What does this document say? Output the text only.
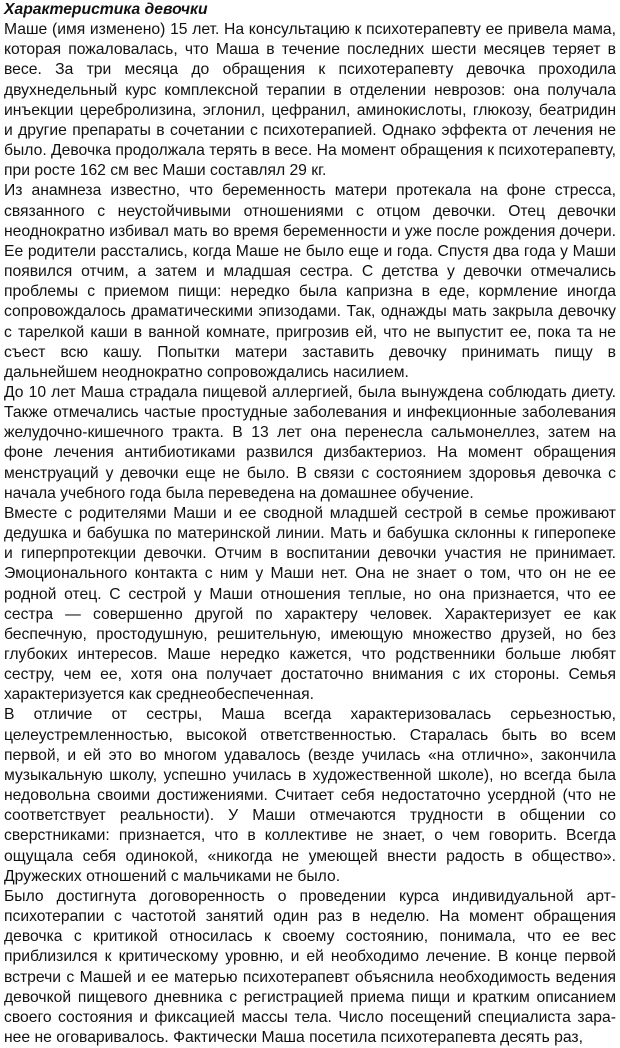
Характеристика девочки

Маше (имя изменено) 15 лет. На консультацию к психотерапевту ее привела мама, которая пожаловалась, что Маша в течение последних шести месяцев теряет в весе. За три месяца до обращения к психотерапевту девочка проходила двухнедельный курс комплексной терапии в отделении неврозов: она получала инъекции церебролизина, эглонил, цефранил, аминокислоты, глюкозу, беатридин и другие препараты в сочетании с психотерапией. Однако эффекта от лечения не было. Девочка продолжала терять в весе. На момент обращения к психотерапевту, при росте 162 см вес Маши составлял 29 кг.

Из анамнеза известно, что беременность матери протекала на фоне стресса, связанного с неустойчивыми отношениями с отцом девочки. Отец девочки неоднократно избивал мать во время беременности и уже после рождения дочери. Ее родители расстались, когда Маше не было еще и года. Спустя два года у Маши появился отчим, а затем и младшая сестра. С детства у девочки отмечались проблемы с приемом пищи: нередко была капризна в еде, кормление иногда сопровождалось драматическими эпизодами. Так, однажды мать закрыла девочку с тарелкой каши в ванной комнате, пригрозив ей, что не выпустит ее, пока та не съест всю кашу. Попытки матери заставить девочку принимать пищу в дальнейшем неоднократно сопровождались насилием.

До 10 лет Маша страдала пищевой аллергией, была вынуждена соблюдать диету. Также отмечались частые простудные заболевания и инфекционные заболевания желудочно-кишечного тракта. В 13 лет она перенесла сальмонеллез, затем на фоне лечения антибиотиками развился дизбактериоз. На момент обращения менструаций у девочки еще не было. В связи с состоянием здоровья девочка с начала учебного года была переведена на домашнее обучение.

Вместе с родителями Маши и ее сводной младшей сестрой в семье проживают дедушка и бабушка по материнской линии. Мать и бабушка склонны к гиперопеке и гиперпротекции девочки. Отчим в воспитании девочки участия не принимает. Эмоционального контакта с ним у Маши нет. Она не знает о том, что он не ее родной отец. С сестрой у Маши отношения теплые, но она признается, что ее сестра — совершенно другой по характеру человек. Характеризует ее как беспечную, простодушную, решительную, имеющую множество друзей, но без глубоких интересов. Маше нередко кажется, что родственники больше любят сестру, чем ее, хотя она получает достаточно внимания с их стороны. Семья характеризуется как среднеобеспеченная.

В отличие от сестры, Маша всегда характеризовалась серьезностью, целеустремленностью, высокой ответственностью. Старалась быть во всем первой, и ей это во многом удавалось (везде училась «на отлично», закончила музыкальную школу, успешно училась в художественной школе), но всегда была недовольна своими достижениями. Считает себя недостаточно усердной (что не соответствует реальности). У Маши отмечаются трудности в общении со сверстниками: признается, что в коллективе не знает, о чем говорить. Всегда ощущала себя одинокой, «никогда не умеющей внести радость в общество». Дружеских отношений с мальчиками не было.

Было достигнута договоренность о проведении курса индивидуальной арт-психотерапии с частотой занятий один раз в неделю. На момент обращения девочка с критикой относилась к своему состоянию, понимала, что ее вес приблизился к критическому уровню, и ей необходимо лечение. В конце первой встречи с Машей и ее матерью психотерапевт объяснила необходимость ведения девочкой пищевого дневника с регистрацией приема пищи и кратким описанием своего состояния и фиксацией массы тела. Число посещений специалиста заранее не оговаривалось. Фактически Маша посетила психотерапевта десять раз,
